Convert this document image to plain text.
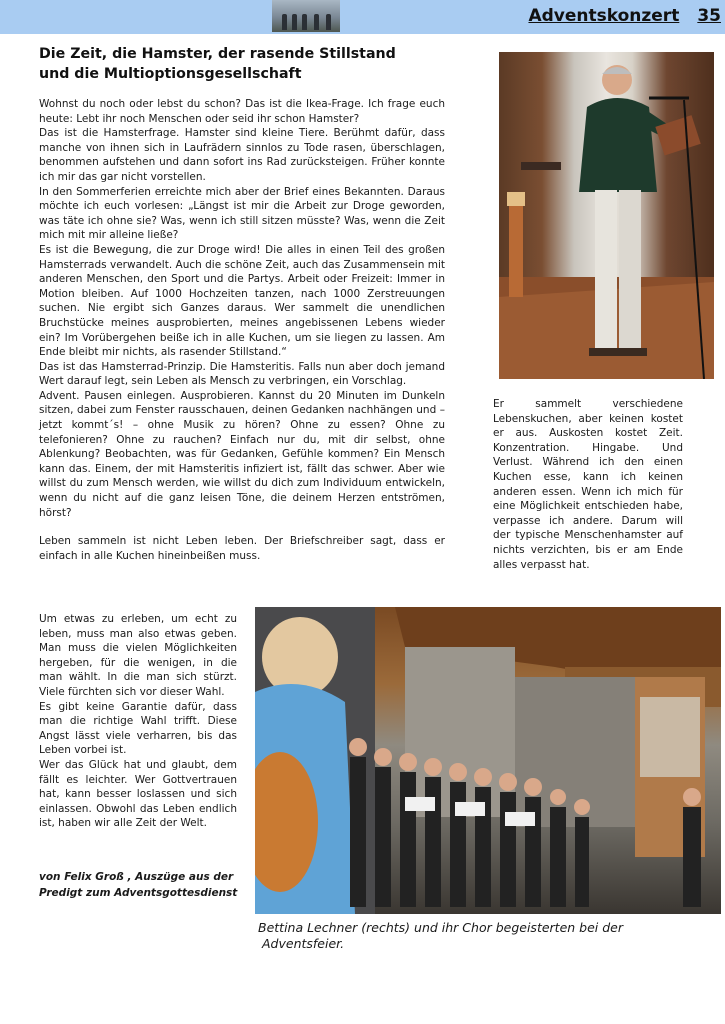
Adventskonzert 35
Die Zeit, die Hamster, der rasende Stillstand
und die Multioptionsgesellschaft

Wohnst du noch oder lebst du schon? Das ist die Ikea-Frage. Ich frage euch heute: Lebt ihr noch Menschen oder seid ihr schon Hamster?

Das ist die Hamsterfrage. Hamster sind kleine Tiere. Berühmt dafür, dass manche von ihnen sich in Laufrädern sinnlos zu Tode rasen, überschlagen, benommen aufstehen und dann sofort ins Rad zurücksteigen. Früher konnte ich mir das gar nicht vorstellen.

In den Sommerferien erreichte mich aber der Brief eines Bekannten. Daraus möchte ich euch vorlesen: „Längst ist mir die Arbeit zur Droge geworden, was täte ich ohne sie? Was, wenn ich still sitzen müsste? Was, wenn die Zeit mich mit mir alleine ließe?

Es ist die Bewegung, die zur Droge wird! Die alles in einen Teil des großen Hamsterrads verwandelt. Auch die schöne Zeit, auch das Zusammensein mit anderen Menschen, den Sport und die Partys. Arbeit oder Freizeit: Immer in Motion bleiben. Auf 1000 Hochzeiten tanzen, nach 1000 Zerstreuungen suchen. Nie ergibt sich Ganzes daraus. Wer sammelt die unendlichen Bruchstücke meines ausprobierten, meines angebissenen Lebens wieder ein? Im Vorübergehen beiße ich in alle Kuchen, um sie liegen zu lassen. Am Ende bleibt mir nichts, als rasender Stillstand.“

Das ist das Hamsterrad-Prinzip. Die Hamsteritis. Falls nun aber doch jemand Wert darauf legt, sein Leben als Mensch zu verbringen, ein Vorschlag.

Advent. Pausen einlegen. Ausprobieren. Kannst du 20 Minuten im Dunkeln sitzen, dabei zum Fenster rausschauen, deinen Gedanken nachhängen und –jetzt kommt´s! – ohne Musik zu hören? Ohne zu essen? Ohne zu telefonieren? Ohne zu rauchen? Einfach nur du, mit dir selbst, ohne Ablenkung? Beobachten, was für Gedanken, Gefühle kommen? Ein Mensch kann das. Einem, der mit Hamsteritis infiziert ist, fällt das schwer. Aber wie willst du zum Mensch werden, wie willst du dich zum Individuum entwickeln, wenn du nicht auf die ganz leisen Töne, die deinem Herzen entströmen, hörst?

Leben sammeln ist nicht Leben leben. Der Briefschreiber sagt, dass er einfach in alle Kuchen hineinbeißen muss.

Er sammelt verschiedene Lebenskuchen, aber keinen kostet er aus. Auskosten kostet Zeit. Konzentration. Hingabe. Und Verlust. Während ich den einen Kuchen esse, kann ich keinen anderen essen. Wenn ich mich für eine Möglichkeit entschieden habe, verpasse ich andere. Darum will der typische Menschenhamster auf nichts verzichten, bis er am Ende alles verpasst hat.

Um etwas zu erleben, um echt zu leben, muss man also etwas geben. Man muss die vielen Möglichkeiten hergeben, für die wenigen, in die man wählt. In die man sich stürzt. Viele fürchten sich vor dieser Wahl.

Es gibt keine Garantie dafür, dass man die richtige Wahl trifft. Diese Angst lässt viele verharren, bis das Leben vorbei ist.

Wer das Glück hat und glaubt, dem fällt es leichter. Wer Gottvertrauen hat, kann besser loslassen und sich einlassen. Obwohl das Leben endlich ist, haben wir alle Zeit der Welt.

von Felix Groß , Auszüge aus der Predigt zum Adventsgottesdienst
Bettina Lechner (rechts) und ihr Chor begeisterten bei der
Adventsfeier.
